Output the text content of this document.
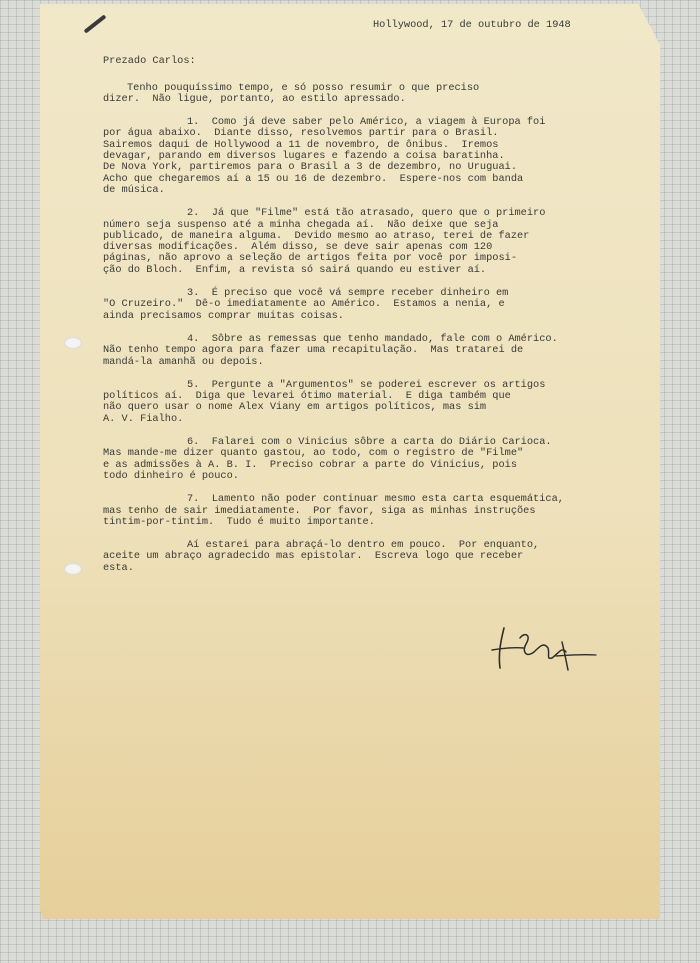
Hollywood, 17 de outubro de 1948
Prezado Carlos:
Tenho pouquíssimo tempo, e só posso resumir o que preciso
dizer.  Não ligue, portanto, ao estilo apressado.
1.  Como já deve saber pelo Américo, a viagem à Europa foi
por água abaixo.  Diante disso, resolvemos partir para o Brasil.
Sairemos daqui de Hollywood a 11 de novembro, de ônibus.  Iremos
devagar, parando em diversos lugares e fazendo a coisa baratinha.
De Nova York, partiremos para o Brasil a 3 de dezembro, no Uruguai.
Acho que chegaremos aí a 15 ou 16 de dezembro.  Espere-nos com banda
de música.
2.  Já que "Filme" está tão atrasado, quero que o primeiro
número seja suspenso até a minha chegada aí.  Não deixe que seja
publicado, de maneira alguma.  Devido mesmo ao atraso, terei de fazer
diversas modificações.  Além disso, se deve sair apenas com 120
páginas, não aprovo a seleção de artigos feita por você por imposi-
ção do Bloch.  Enfim, a revista só sairá quando eu estiver aí.
3.  É preciso que você vá sempre receber dinheiro em
"O Cruzeiro."  Dê-o imediatamente ao Américo.  Estamos a nenia, e
ainda precisamos comprar muitas coisas.
4.  Sôbre as remessas que tenho mandado, fale com o Américo.
Não tenho tempo agora para fazer uma recapitulação.  Mas tratarei de
mandá-la amanhã ou depois.
5.  Pergunte a "Argumentos" se poderei escrever os artigos
políticos aí.  Diga que levarei ótimo material.  E diga também que
não quero usar o nome Alex Viany em artigos políticos, mas sim
A. V. Fialho.
6.  Falarei com o Vinicius sôbre a carta do Diário Carioca.
Mas mande-me dizer quanto gastou, ao todo, com o registro de "Filme"
e as admissões à A. B. I.  Preciso cobrar a parte do Vinicius, pois
todo dinheiro é pouco.
7.  Lamento não poder continuar mesmo esta carta esquemática,
mas tenho de sair imediatamente.  Por favor, siga as minhas instruções
tintim-por-tintim.  Tudo é muito importante.
Aí estarei para abraçá-lo dentro em pouco.  Por enquanto,
aceite um abraço agradecido mas epistolar.  Escreva logo que receber
esta.
